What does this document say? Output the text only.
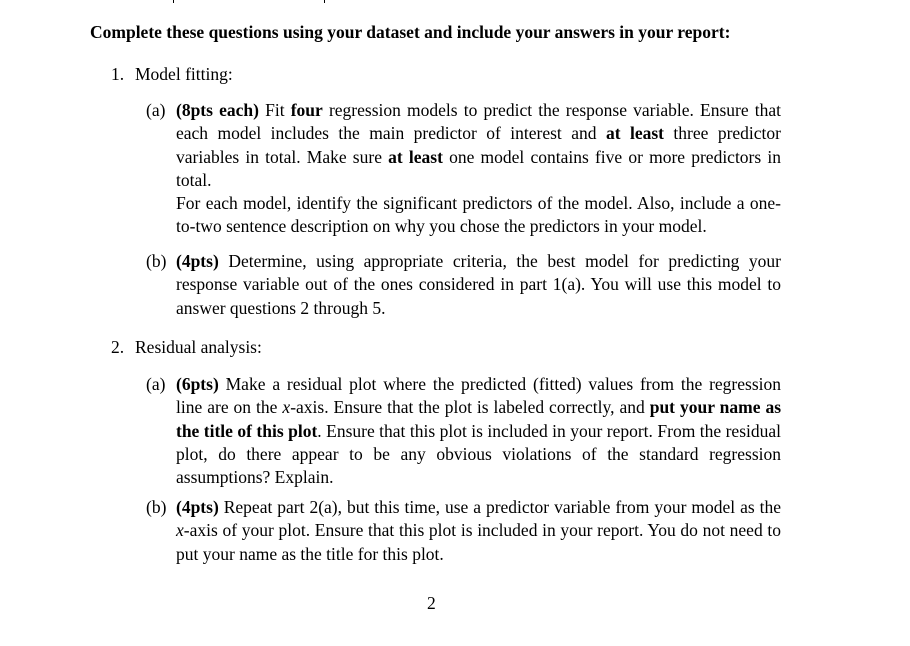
Complete these questions using your dataset and include your answers in your report:

1. Model fitting:
(a) (8pts each) Fit four regression models to predict the response variable. Ensure that each model includes the main predictor of interest and at least three predictor variables in total. Make sure at least one model contains five or more predictors in total.

For each model, identify the significant predictors of the model. Also, include a one-to-two sentence description on why you chose the predictors in your model.

(b) (4pts) Determine, using appropriate criteria, the best model for predicting your response variable out of the ones considered in part 1(a). You will use this model to answer questions 2 through 5.

2. Residual analysis:
(a) (6pts) Make a residual plot where the predicted (fitted) values from the regression line are on the x-axis. Ensure that the plot is labeled correctly, and put your name as the title of this plot. Ensure that this plot is included in your report. From the residual plot, do there appear to be any obvious violations of the standard regression assumptions? Explain.

(b) (4pts) Repeat part 2(a), but this time, use a predictor variable from your model as the x-axis of your plot. Ensure that this plot is included in your report. You do not need to put your name as the title for this plot.

2
